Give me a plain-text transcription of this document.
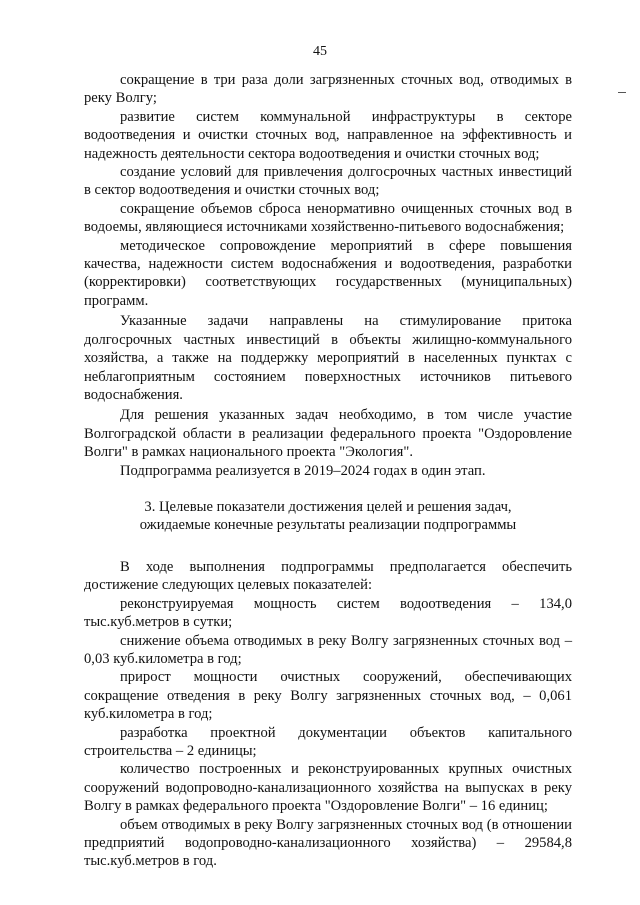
45

сокращение в три раза доли загрязненных сточных вод, отводимых в реку Волгу;

развитие систем коммунальной инфраструктуры в секторе водоотведения и очистки сточных вод, направленное на эффективность и надежность деятельности сектора водоотведения и очистки сточных вод;

создание условий для привлечения долгосрочных частных инвестиций в сектор водоотведения и очистки сточных вод;

сокращение объемов сброса ненормативно очищенных сточных вод в водоемы, являющиеся источниками хозяйственно-питьевого водоснабжения;

методическое сопровождение мероприятий в сфере повышения качества, надежности систем водоснабжения и водоотведения, разработки (корректировки) соответствующих государственных (муниципальных) программ.

Указанные задачи направлены на стимулирование притока долгосрочных частных инвестиций в объекты жилищно-коммунального хозяйства, а также на поддержку мероприятий в населенных пунктах с неблагоприятным состоянием поверхностных источников питьевого водоснабжения.

Для решения указанных задач необходимо, в том числе участие Волгоградской области в реализации федерального проекта "Оздоровление Волги" в рамках национального проекта "Экология".

Подпрограмма реализуется в 2019–2024 годах в один этап.

3. Целевые показатели достижения целей и решения задач,
ожидаемые конечные результаты реализации подпрограммы

В ходе выполнения подпрограммы предполагается обеспечить достижение следующих целевых показателей:

реконструируемая мощность систем водоотведения – 134,0 тыс.куб.метров в сутки;

снижение объема отводимых в реку Волгу загрязненных сточных вод – 0,03 куб.километра в год;

прирост мощности очистных сооружений, обеспечивающих сокращение отведения в реку Волгу загрязненных сточных вод, – 0,061 куб.километра в год;

разработка проектной документации объектов капитального строительства – 2 единицы;

количество построенных и реконструированных крупных очистных сооружений водопроводно-канализационного хозяйства на выпусках в реку Волгу в рамках федерального проекта "Оздоровление Волги" – 16 единиц;

объем отводимых в реку Волгу загрязненных сточных вод (в отношении предприятий водопроводно-канализационного хозяйства) – 29584,8 тыс.куб.метров в год.
